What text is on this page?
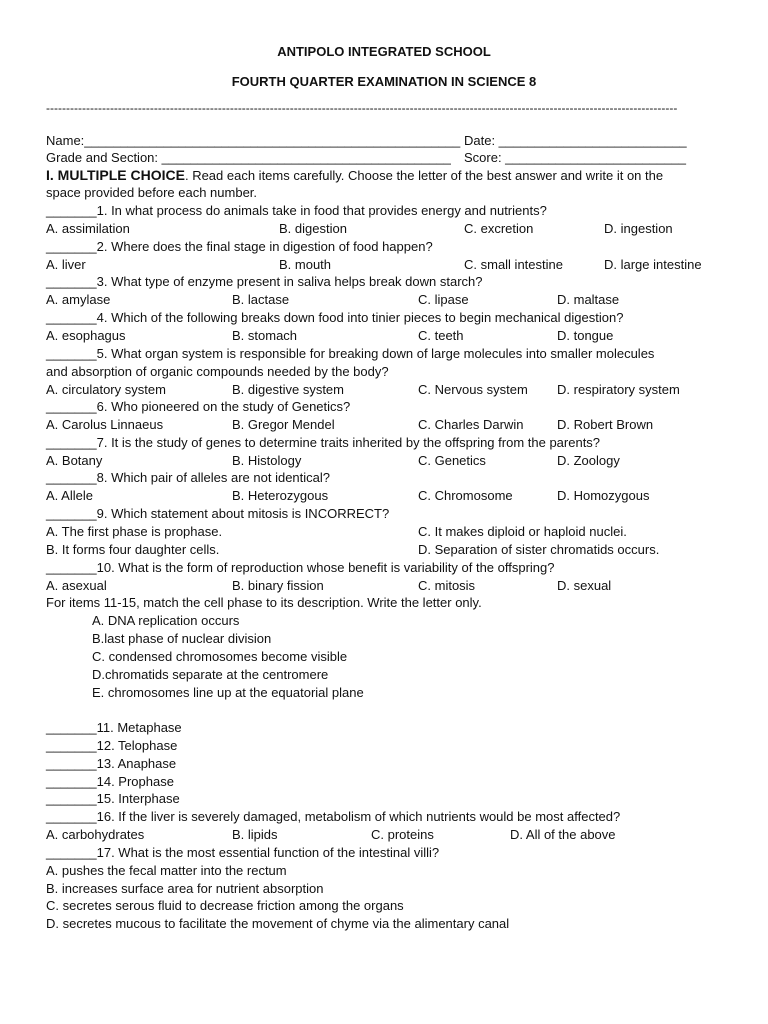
ANTIPOLO INTEGRATED SCHOOL
FOURTH QUARTER EXAMINATION IN SCIENCE 8
--------------------------------------------------------------------------------------------------------------------------------------------------------------
Name:____________________________________________________ Date: __________________________
Grade and Section: ________________________________________ Score: _________________________
I. MULTIPLE CHOICE. Read each items carefully. Choose the letter of the best answer and write it on the
space provided before each number.
_______1. In what process do animals take in food that provides energy and nutrients?
A. assimilation	B. digestion	C. excretion	D. ingestion
_______2. Where does the final stage in digestion of food happen?
A. liver	B. mouth	C. small intestine	D. large intestine
_______3. What type of enzyme present in saliva helps break down starch?
A. amylase	B. lactase	C. lipase	D. maltase
_______4. Which of the following breaks down food into tinier pieces to begin mechanical digestion?
A. esophagus	B. stomach	C. teeth	D. tongue
_______5. What organ system is responsible for breaking down of large molecules into smaller molecules
and absorption of organic compounds needed by the body?
A. circulatory system	B. digestive system	C. Nervous system D. respiratory system
_______6. Who pioneered on the study of Genetics?
A. Carolus Linnaeus	B. Gregor Mendel	C. Charles Darwin	D. Robert Brown
_______7. It is the study of genes to determine traits inherited by the offspring from the parents?
A. Botany	B. Histology	C. Genetics	D. Zoology
_______8. Which pair of alleles are not identical?
A. Allele	B. Heterozygous	C. Chromosome	D. Homozygous
_______9. Which statement about mitosis is INCORRECT?
A. The first phase is prophase.	C. It makes diploid or haploid nuclei.
B. It forms four daughter cells.	D. Separation of sister chromatids occurs.
_______10. What is the form of reproduction whose benefit is variability of the offspring?
A. asexual	B. binary fission	C. mitosis	D. sexual
For items 11-15, match the cell phase to its description. Write the letter only.
A. DNA replication occurs
B.last phase of nuclear division
C. condensed chromosomes become visible
D.chromatids separate at the centromere
E. chromosomes line up at the equatorial plane
_______11. Metaphase
_______12. Telophase
_______13. Anaphase
_______14. Prophase
_______15. Interphase
_______16. If the liver is severely damaged, metabolism of which nutrients would be most affected?
A. carbohydrates	B. lipids	C. proteins	D. All of the above
_______17. What is the most essential function of the intestinal villi?
A. pushes the fecal matter into the rectum
B. increases surface area for nutrient absorption
C. secretes serous fluid to decrease friction among the organs
D. secretes mucous to facilitate the movement of chyme via the alimentary canal
